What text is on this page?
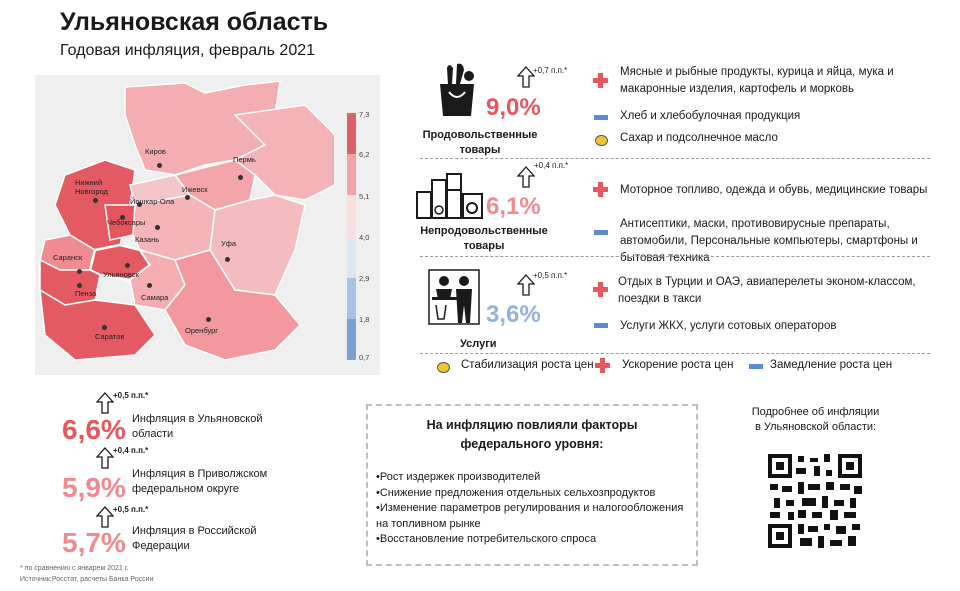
Ульяновская область
Годовая инфляция, февраль 2021
Киров
Пермь
Нижний Новгород
Йошкар-Ола
Ижевск
Чебоксары
Казань	Уфа
Саранск
Ульяновск
Пенза	Самара
Оренбург
Саратов
7,3
6,2
5,1
4,0
2,9
1,8
0,7
+0,7 п.п.*
9,0%
Продовольственные товары
Мясные и рыбные продукты, курица и яйца, мука и макаронные изделия, картофель и морковь
Хлеб и хлебобулочная продукция
Сахар и подсолнечное масло
+0,4 п.п.*
6,1%
Непродовольственные товары
Моторное топливо, одежда и обувь, медицинские товары
Антисептики, маски, противовирусные препараты, автомобили, Персональные компьютеры, смартфоны и бытовая техника
+0,5 п.п.*
3,6%
Услуги
Отдых в Турции и ОАЭ, авиаперелеты эконом-классом, поездки в такси
Услуги ЖКХ, услуги сотовых операторов
Стабилизация роста цен Ускорение роста цен	Замедление роста цен
+0,5 п.п.*
6,6% Инфляция в Ульяновской области
+0,4 п.п.*
5,9% Инфляция в Приволжском федеральном округе
+0,5 п.п.*
5,7% Инфляция в Российской Федерации
На инфляцию повлияли факторы федерального уровня:
•Рост издержек производителей
•Снижение предложения отдельных сельхозпродуктов
•Изменение параметров регулирования и налогообложения на топливном рынке
•Восстановление потребительского спроса
Подробнее об инфляции в Ульяновской области:
* по сравнению с январем 2021 г.
Источник:Росстат, расчеты Банка России
